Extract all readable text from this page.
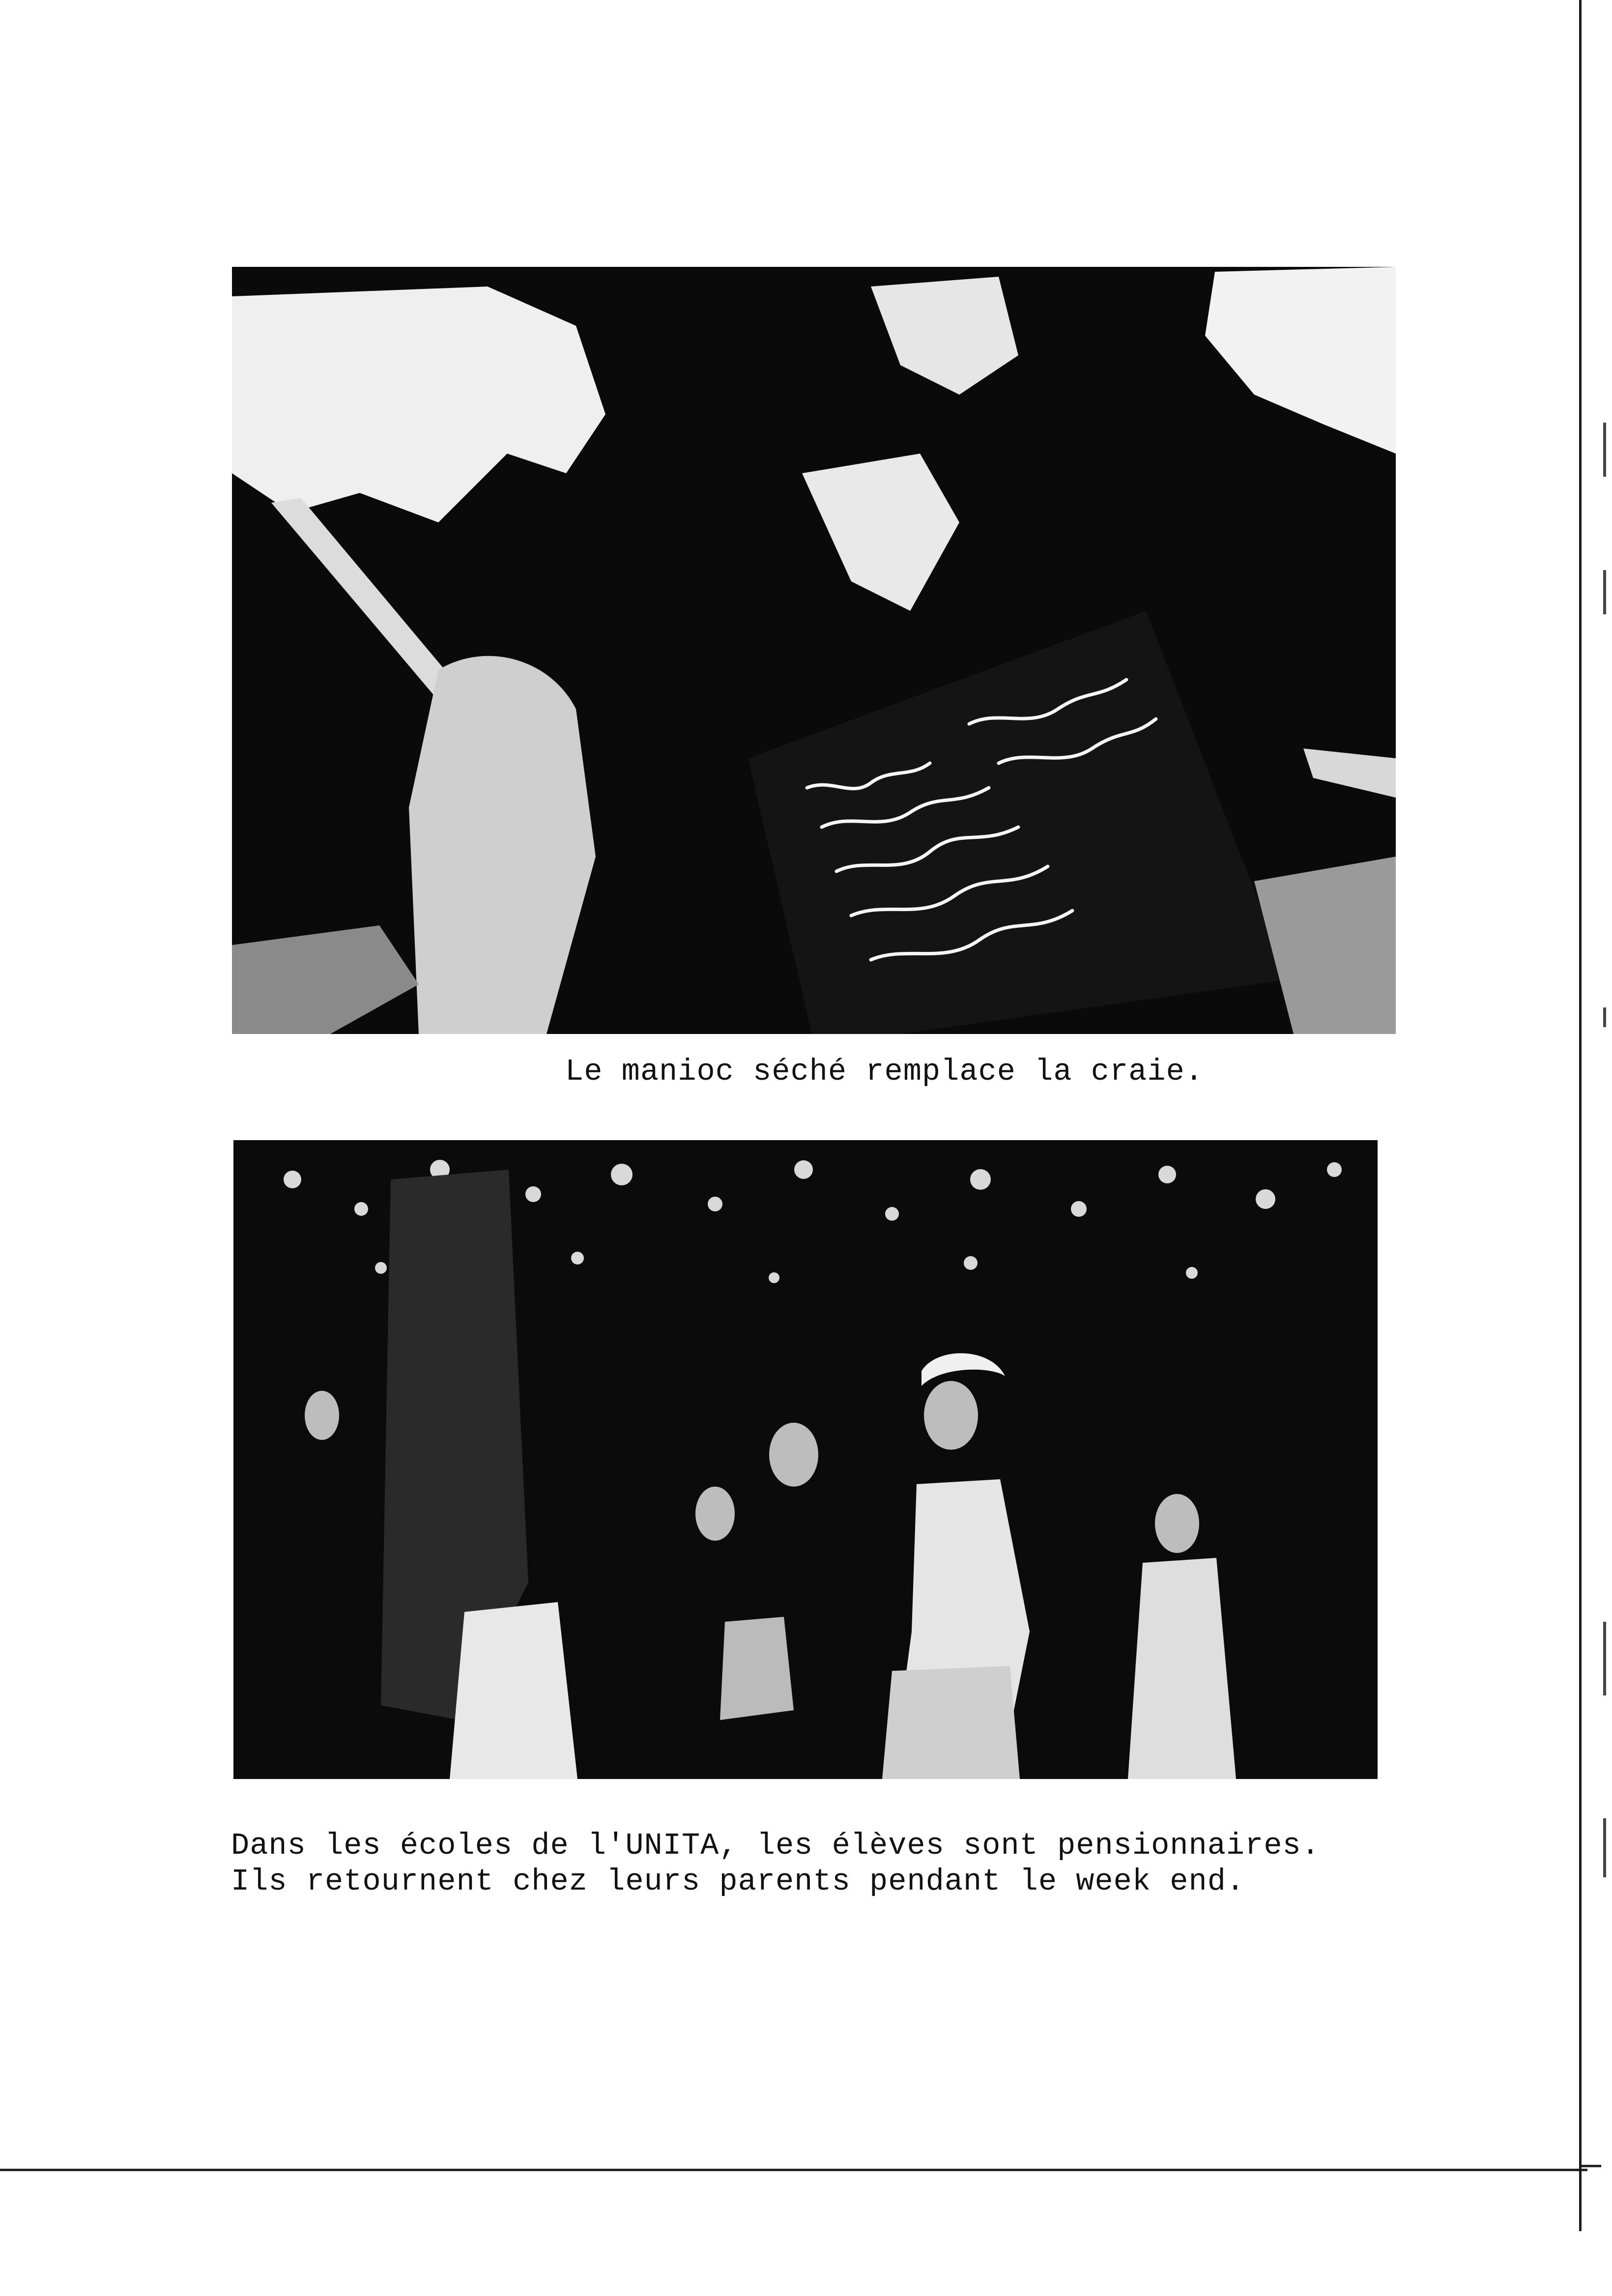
Le manioc séché remplace la craie.
Dans les écoles de l'UNITA, les élèves sont pensionnaires.
Ils retournent chez leurs parents pendant le week end.
